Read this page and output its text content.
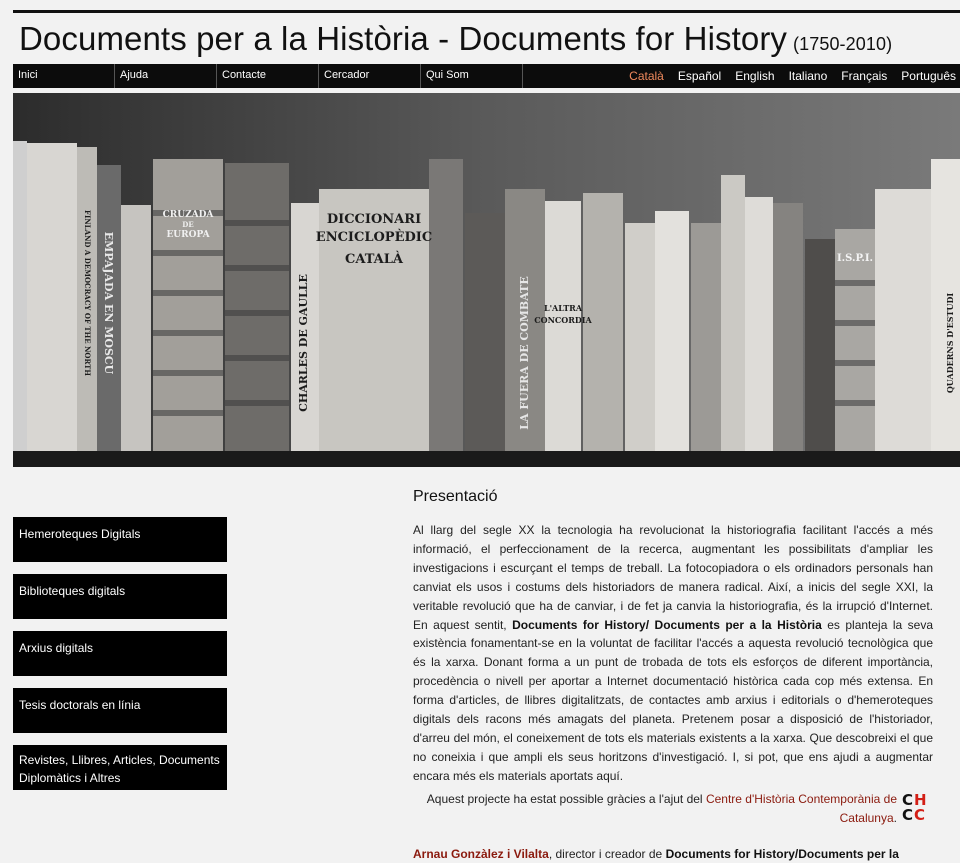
Documents per a la Història - Documents for History (1750-2010)
Inici	Ajuda	Contacte	Cercador	Qui Som	Català Español English Italiano Français Português
DICCIONARI
ENCICLOPÈDIC
CATALÀ
CRUZADA
DE
EUROPA
L'ALTRA
CONCORDIA
I.S.P.I.
CHARLES DE GAULLE
EMPAJADA EN MOSCU
FINLAND A DEMOCRACY OF THE NORTH	LA FUERA DE COMBATE	QUADERNS D'ESTUDI
Hemeroteques Digitals
Biblioteques digitals
Arxius digitals
Tesis doctorals en línia
Revistes, Llibres, Articles, Documents Diplomàtics i Altres
Presentació

Al llarg del segle XX la tecnologia ha revolucionat la historiografia facilitant l'accés a més informació, el perfeccionament de la recerca, augmentant les possibilitats d'ampliar les investigacions i escurçant el temps de treball. La fotocopiadora o els ordinadors personals han canviat els usos i costums dels historiadors de manera radical. Així, a inicis del segle XXI, la veritable revolució que ha de canviar, i de fet ja canvia la historiografia, és la irrupció d'Internet. En aquest sentit, Documents for History/ Documents per a la Història es planteja la seva existència fonamentant-se en la voluntat de facilitar l'accés a aquesta revolució tecnològica que és la xarxa. Donant forma a un punt de trobada de tots els esforços de diferent importància, procedència o nivell per aportar a Internet documentació històrica cada cop més extensa. En forma d'articles, de llibres digitalitzats, de contactes amb arxius i editorials o d'hemeroteques digitals dels racons més amagats del planeta. Pretenem posar a disposició de l'historiador, d'arreu del món, el coneixement de tots els materials existents a la xarxa. Que descobreixi el que no coneixia i que ampli els seus horitzons d'investigació. I, si pot, que ens ajudi a augmentar encara més els materials aportats aquí.

Aquest projecte ha estat possible gràcies a l'ajut del Centre d'Història Contemporània de Catalunya.
CH
CC
Arnau Gonzàlez i Vilalta, director i creador de Documents for History/Documents per la
